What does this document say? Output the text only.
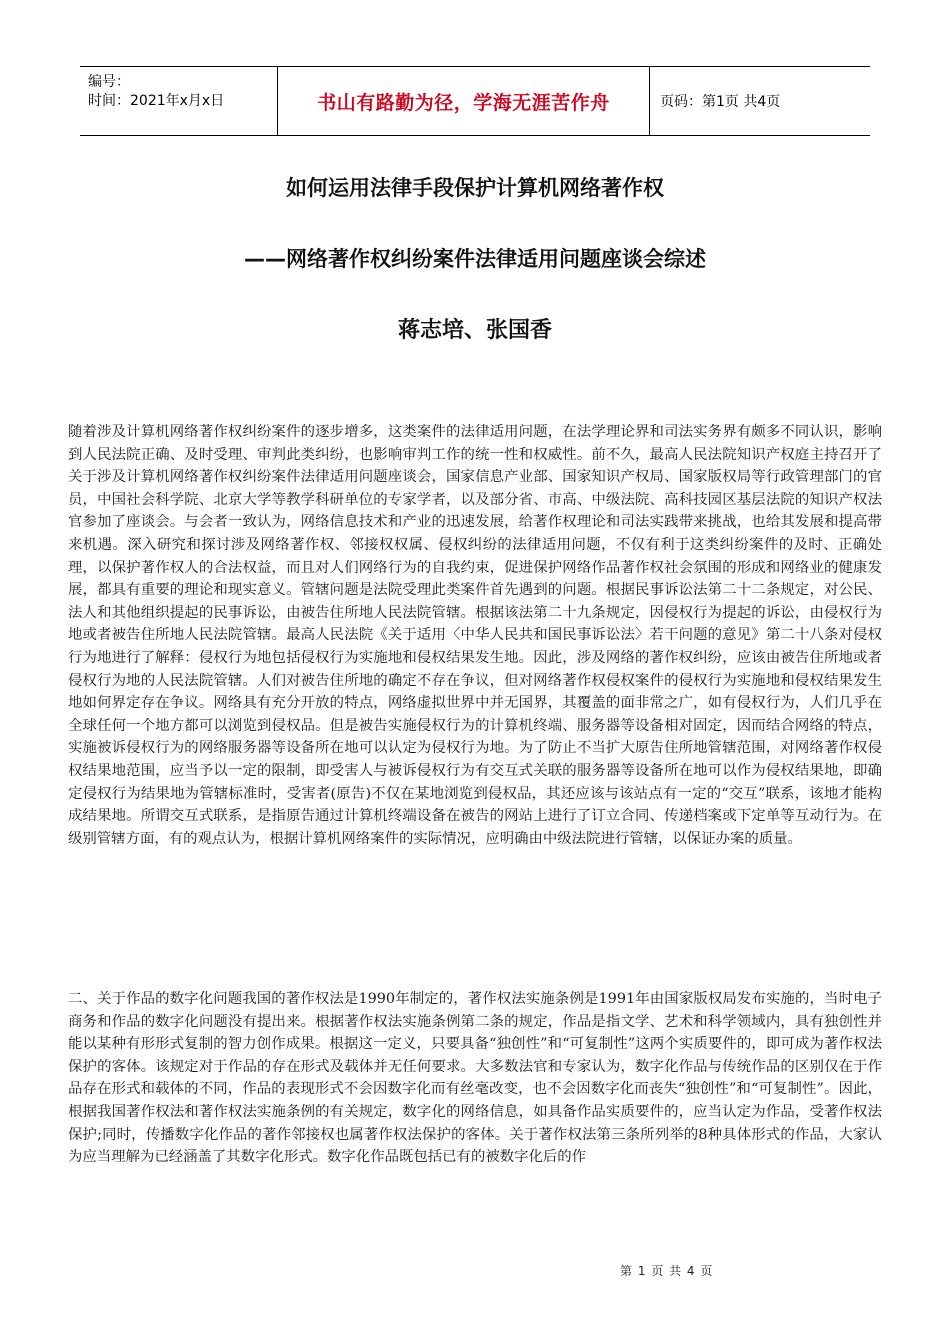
编号：
时间：2021年x月x日	书山有路勤为径，学海无涯苦作舟	页码：第1页 共4页
如何运用法律手段保护计算机网络著作权
——网络著作权纠纷案件法律适用问题座谈会综述
蒋志培、张国香

随着涉及计算机网络著作权纠纷案件的逐步增多，这类案件的法律适用问题，在法学理论界和司法实务界有颇多不同认识，影响到人民法院正确、及时受理、审判此类纠纷，也影响审判工作的统一性和权威性。前不久，最高人民法院知识产权庭主持召开了关于涉及计算机网络著作权纠纷案件法律适用问题座谈会，国家信息产业部、国家知识产权局、国家版权局等行政管理部门的官员，中国社会科学院、北京大学等教学科研单位的专家学者，以及部分省、市高、中级法院、高科技园区基层法院的知识产权法官参加了座谈会。与会者一致认为，网络信息技术和产业的迅速发展，给著作权理论和司法实践带来挑战，也给其发展和提高带来机遇。深入研究和探讨涉及网络著作权、邻接权权属、侵权纠纷的法律适用问题，不仅有利于这类纠纷案件的及时、正确处理，以保护著作权人的合法权益，而且对人们网络行为的自我约束，促进保护网络作品著作权社会氛围的形成和网络业的健康发展，都具有重要的理论和现实意义。管辖问题是法院受理此类案件首先遇到的问题。根据民事诉讼法第二十二条规定，对公民、法人和其他组织提起的民事诉讼，由被告住所地人民法院管辖。根据该法第二十九条规定，因侵权行为提起的诉讼，由侵权行为地或者被告住所地人民法院管辖。最高人民法院《关于适用〈中华人民共和国民事诉讼法〉若干问题的意见》第二十八条对侵权行为地进行了解释：侵权行为地包括侵权行为实施地和侵权结果发生地。因此，涉及网络的著作权纠纷，应该由被告住所地或者侵权行为地的人民法院管辖。人们对被告住所地的确定不存在争议，但对网络著作权侵权案件的侵权行为实施地和侵权结果发生地如何界定存在争议。网络具有充分开放的特点，网络虚拟世界中并无国界，其覆盖的面非常之广，如有侵权行为，人们几乎在全球任何一个地方都可以浏览到侵权品。但是被告实施侵权行为的计算机终端、服务器等设备相对固定，因而结合网络的特点，实施被诉侵权行为的网络服务器等设备所在地可以认定为侵权行为地。为了防止不当扩大原告住所地管辖范围，对网络著作权侵权结果地范围，应当予以一定的限制，即受害人与被诉侵权行为有交互式关联的服务器等设备所在地可以作为侵权结果地，即确定侵权行为结果地为管辖标准时，受害者(原告)不仅在某地浏览到侵权品，其还应该与该站点有一定的“交互”联系，该地才能构成结果地。所谓交互式联系，是指原告通过计算机终端设备在被告的网站上进行了订立合同、传递档案或下定单等互动行为。在级别管辖方面，有的观点认为，根据计算机网络案件的实际情况，应明确由中级法院进行管辖，以保证办案的质量。

二、关于作品的数字化问题我国的著作权法是1990年制定的，著作权法实施条例是1991年由国家版权局发布实施的，当时电子商务和作品的数字化问题没有提出来。根据著作权法实施条例第二条的规定，作品是指文学、艺术和科学领域内，具有独创性并能以某种有形形式复制的智力创作成果。根据这一定义，只要具备“独创性”和“可复制性”这两个实质要件的，即可成为著作权法保护的客体。该规定对于作品的存在形式及载体并无任何要求。大多数法官和专家认为，数字化作品与传统作品的区别仅在于作品存在形式和载体的不同，作品的表现形式不会因数字化而有丝毫改变，也不会因数字化而丧失“独创性”和“可复制性”。因此，根据我国著作权法和著作权法实施条例的有关规定，数字化的网络信息，如具备作品实质要件的，应当认定为作品，受著作权法保护;同时，传播数字化作品的著作邻接权也属著作权法保护的客体。关于著作权法第三条所列举的8种具体形式的作品，大家认为应当理解为已经涵盖了其数字化形式。数字化作品既包括已有的被数字化后的作

第 1 页 共 4 页
